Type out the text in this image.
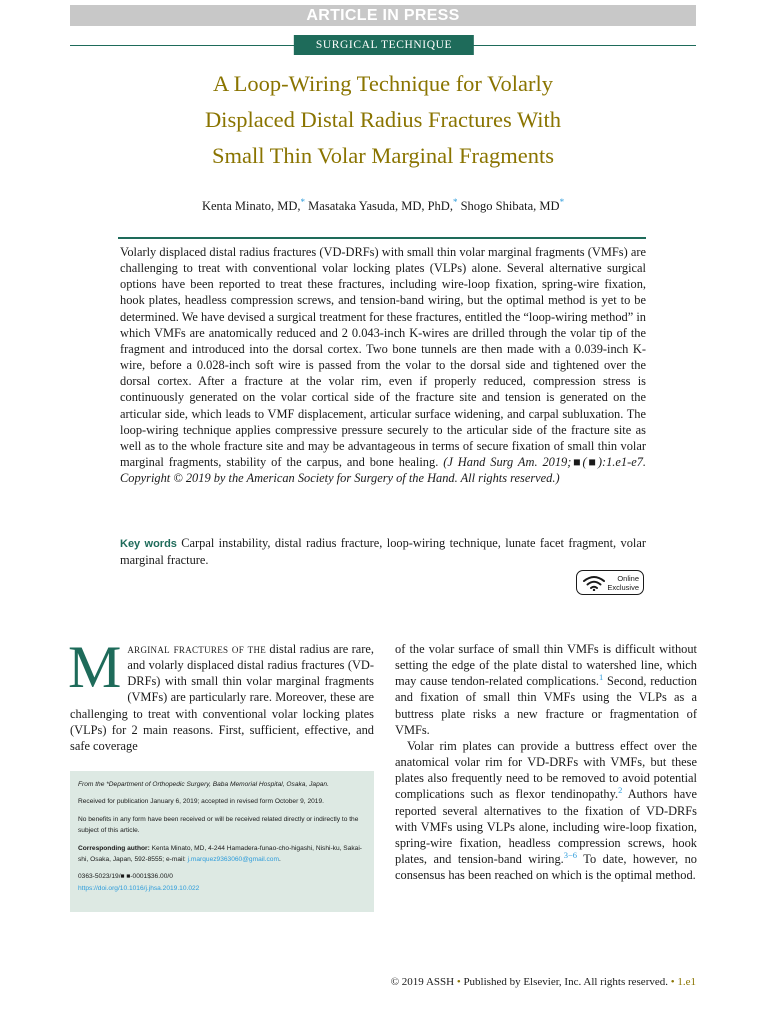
ARTICLE IN PRESS
SURGICAL TECHNIQUE
A Loop-Wiring Technique for Volarly
Displaced Distal Radius Fractures With
Small Thin Volar Marginal Fragments
Kenta Minato, MD,* Masataka Yasuda, MD, PhD,* Shogo Shibata, MD*

Volarly displaced distal radius fractures (VD-DRFs) with small thin volar marginal fragments (VMFs) are challenging to treat with conventional volar locking plates (VLPs) alone. Several alternative surgical options have been reported to treat these fractures, including wire-loop fixation, spring-wire fixation, hook plates, headless compression screws, and tension-band wiring, but the optimal method is yet to be determined. We have devised a surgical treatment for these fractures, entitled the “loop-wiring method” in which VMFs are anatomically reduced and 2 0.043-inch K-wires are drilled through the volar tip of the fragment and introduced into the dorsal cortex. Two bone tunnels are then made with a 0.039-inch K-wire, before a 0.028-inch soft wire is passed from the volar to the dorsal side and tightened over the dorsal cortex. After a fracture at the volar rim, even if properly reduced, compression stress is continuously generated on the volar cortical side of the fracture site and tension is generated on the articular side, which leads to VMF displacement, articular surface widening, and carpal subluxation. The loop-wiring technique applies compressive pressure securely to the articular side of the fracture site as well as to the whole fracture site and may be advantageous in terms of secure fixation of small thin volar marginal fragments, stability of the carpus, and bone healing. (J Hand Surg Am. 2019;■(■):1.e1-e7. Copyright © 2019 by the American Society for Surgery of the Hand. All rights reserved.)

Key words Carpal instability, distal radius fracture, loop-wiring technique, lunate facet fragment, volar marginal fracture.

Online
Exclusive

Marginal fractures of the distal radius are rare, and volarly displaced distal radius fractures (VD-DRFs) with small thin volar marginal fragments (VMFs) are particularly rare. Moreover, these are challenging to treat with conventional volar locking plates (VLPs) for 2 main reasons. First, sufficient, effective, and safe coverage

of the volar surface of small thin VMFs is difficult without setting the edge of the plate distal to watershed line, which may cause tendon-related complications.$^1$ Second, reduction and fixation of small thin VMFs using the VLPs as a buttress plate risks a new fracture or fragmentation of VMFs.

Volar rim plates can provide a buttress effect over the anatomical volar rim for VD-DRFs with VMFs, but these plates also frequently need to be removed to avoid potential complications such as flexor tendinopathy.$^2$ Authors have reported several alternatives to the fixation of VD-DRFs with VMFs using VLPs alone, including wire-loop fixation, spring-wire fixation, headless compression screws, hook plates, and tension-band wiring.$^{3-6}$ To date, however, no consensus has been reached on which is the optimal method.

From the *Department of Orthopedic Surgery, Baba Memorial Hospital, Osaka, Japan.

Received for publication January 6, 2019; accepted in revised form October 9, 2019.

No benefits in any form have been received or will be received related directly or indirectly to the subject of this article.

Corresponding author: Kenta Minato, MD, 4-244 Hamadera-funao-cho-higashi, Nishi-ku, Sakai-shi, Osaka, Japan, 592-8555; e-mail: j.marquez9363060@gmail.com.

0363-5023/19/■ ■-0001$36.00/0

https://doi.org/10.1016/j.jhsa.2019.10.022

© 2019 ASSH • Published by Elsevier, Inc. All rights reserved. • 1.e1
